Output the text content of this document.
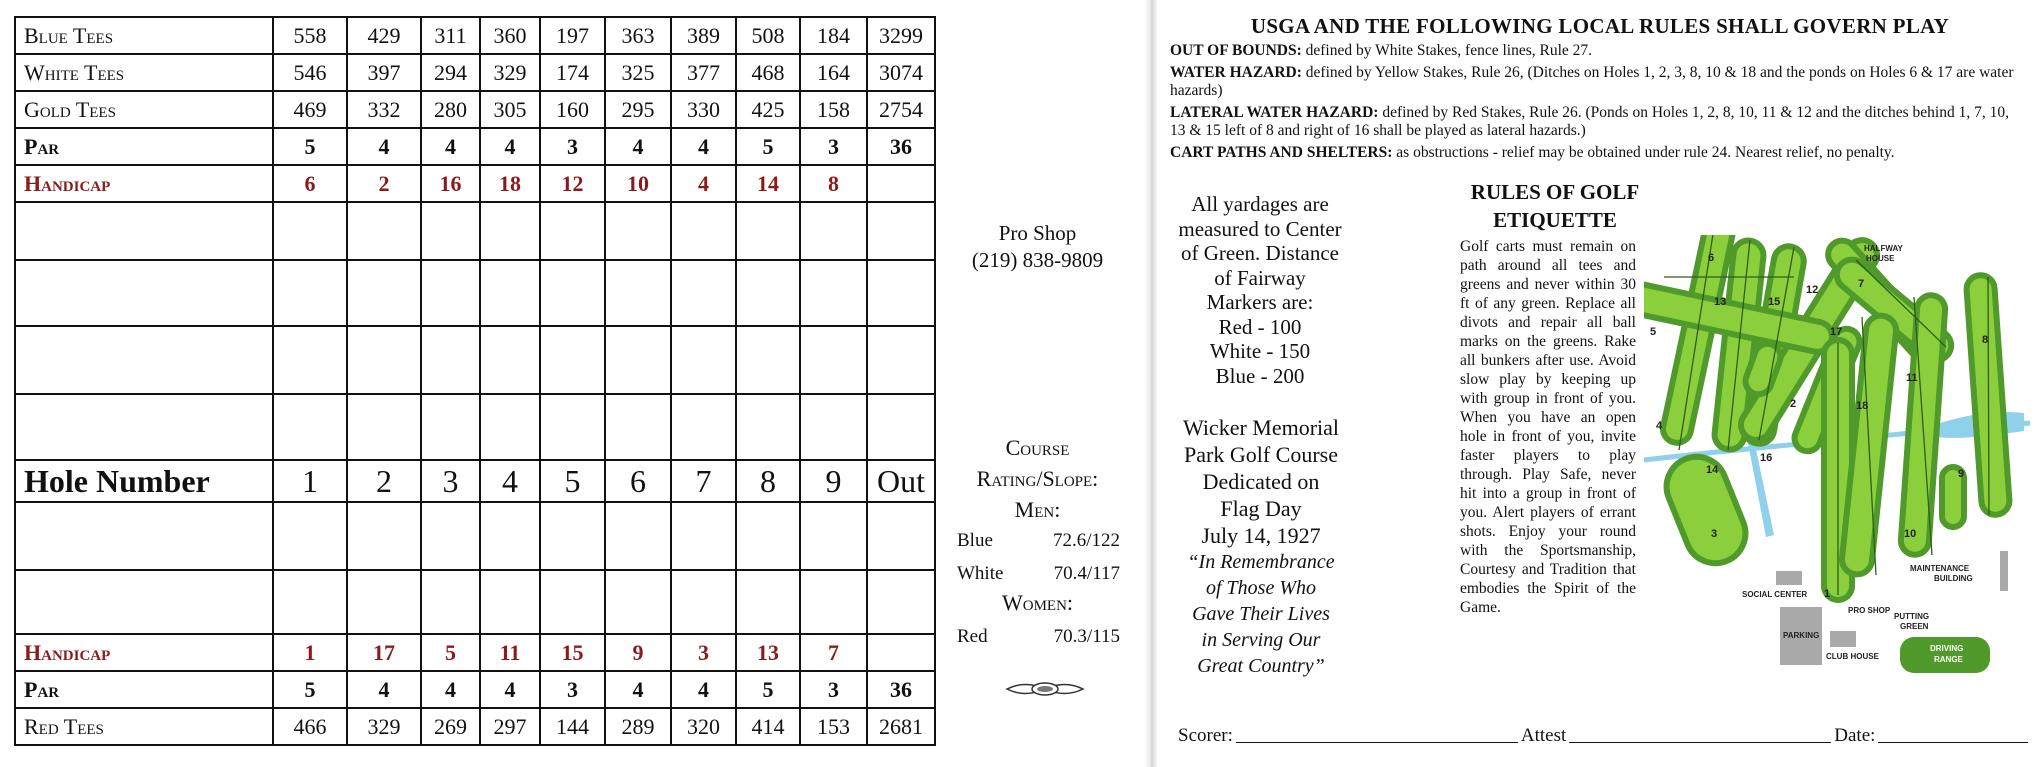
Blue Tees	558	429	311	360	197	363	389	508	184	3299
White Tees	546	397	294	329	174	325	377	468	164	3074
Gold Tees	469	332	280	305	160	295	330	425	158	2754
Par	5	4	4	4	3	4	4	5	3	36
Handicap	6	2	16	18	12	10	4	14	8	

Hole Number	1	2	3	4	5	6	7	8	9	Out

Handicap	1	17	5	11	15	9	3	13	7	
Par	5	4	4	4	3	4	4	5	3	36
Red Tees	466	329	269	297	144	289	320	414	153	2681
Pro Shop
(219) 838-9809
Course
Rating/Slope:
Men:
Blue	72.6/122
White	70.4/117
Women:
Red	70.3/115
USGA AND THE FOLLOWING LOCAL RULES SHALL GOVERN PLAY

OUT OF BOUNDS: defined by White Stakes, fence lines, Rule 27.

WATER HAZARD: defined by Yellow Stakes, Rule 26, (Ditches on Holes 1, 2, 3, 8, 10 & 18 and the ponds on Holes 6 & 17 are water hazards)

LATERAL WATER HAZARD: defined by Red Stakes, Rule 26. (Ponds on Holes 1, 2, 8, 10, 11 & 12 and the ditches behind 1, 7, 10, 13 & 15 left of 8 and right of 16 shall be played as lateral hazards.)

CART PATHS AND SHELTERS: as obstructions - relief may be obtained under rule 24. Nearest relief, no penalty.

All yardages are
measured to Center
of Green. Distance
of Fairway
Markers are:
Red - 100
White - 150
Blue - 200
Wicker Memorial
Park Golf Course
Dedicated on
Flag Day
July 14, 1927
“In Remembrance
of Those Who
Gave Their Lives
in Serving Our
Great Country”
RULES OF GOLF
ETIQUETTE
Golf carts must remain on path around all tees and greens and never within 30 ft of any green. Replace all divots and repair all ball marks on the greens. Rake all bunkers after use. Avoid slow play by keeping up with group in front of you. When you have an open hole in front of you, invite faster players to play through. Play Safe, never hit into a group in front of you. Alert players of errant shots. Enjoy your round with the Sportsmanship, Courtesy and Tradition that embodies the Spirit of the Game.
1
2
3
4
5
6
7
8
9
10
11
12
13
14
15
16
17
18
HALFWAY
HOUSE
SOCIAL CENTER
MAINTENANCE
BUILDING
PARKING
PRO SHOP
PUTTING
GREEN
CLUB HOUSE
DRIVING
RANGE
Scorer:	Attest	Date:
